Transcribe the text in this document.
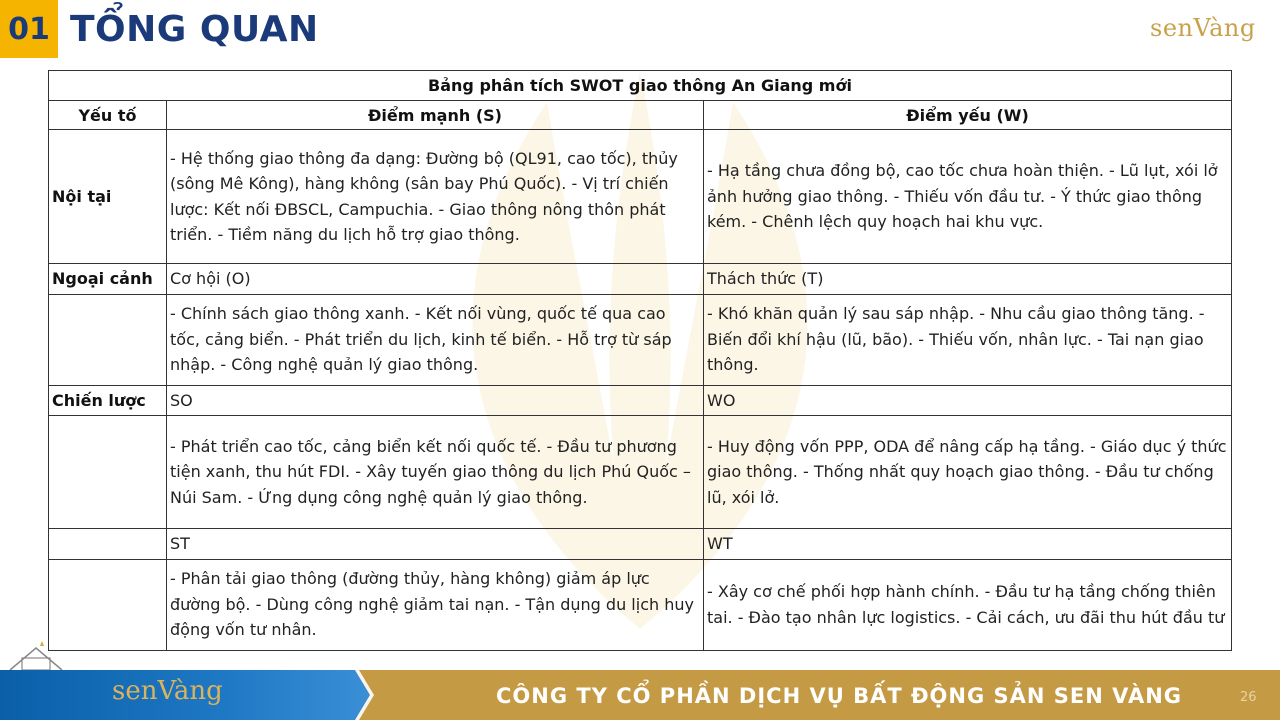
01 TỔNG QUAN	senVàng
Bảng phân tích SWOT giao thông An Giang mới		
Yếu tố	Điểm mạnh (S)	Điểm yếu (W)
Nội tại	- Hệ thống giao thông đa dạng: Đường bộ (QL91, cao tốc), thủy (sông Mê Kông), hàng không (sân bay Phú Quốc). - Vị trí chiến lược: Kết nối ĐBSCL, Campuchia. - Giao thông nông thôn phát triển. - Tiềm năng du lịch hỗ trợ giao thông.	- Hạ tầng chưa đồng bộ, cao tốc chưa hoàn thiện. - Lũ lụt, xói lở ảnh hưởng giao thông. - Thiếu vốn đầu tư. - Ý thức giao thông kém. - Chênh lệch quy hoạch hai khu vực.
Ngoại cảnh	Cơ hội (O)	Thách thức (T)
	- Chính sách giao thông xanh. - Kết nối vùng, quốc tế qua cao tốc, cảng biển. - Phát triển du lịch, kinh tế biển. - Hỗ trợ từ sáp nhập. - Công nghệ quản lý giao thông.	- Khó khăn quản lý sau sáp nhập. - Nhu cầu giao thông tăng. - Biến đổi khí hậu (lũ, bão). - Thiếu vốn, nhân lực. - Tai nạn giao thông.
Chiến lược	SO	WO
	- Phát triển cao tốc, cảng biển kết nối quốc tế. - Đầu tư phương tiện xanh, thu hút FDI. - Xây tuyến giao thông du lịch Phú Quốc – Núi Sam. - Ứng dụng công nghệ quản lý giao thông.	- Huy động vốn PPP, ODA để nâng cấp hạ tầng. - Giáo dục ý thức giao thông. - Thống nhất quy hoạch giao thông. - Đầu tư chống lũ, xói lở.
	ST	WT
	- Phân tải giao thông (đường thủy, hàng không) giảm áp lực đường bộ. - Dùng công nghệ giảm tai nạn. - Tận dụng du lịch huy động vốn tư nhân.	- Xây cơ chế phối hợp hành chính. - Đầu tư hạ tầng chống thiên tai. - Đào tạo nhân lực logistics. - Cải cách, ưu đãi thu hút đầu tư
senVàng	CÔNG TY CỔ PHẦN DỊCH VỤ BẤT ĐỘNG SẢN SEN VÀNG	26
